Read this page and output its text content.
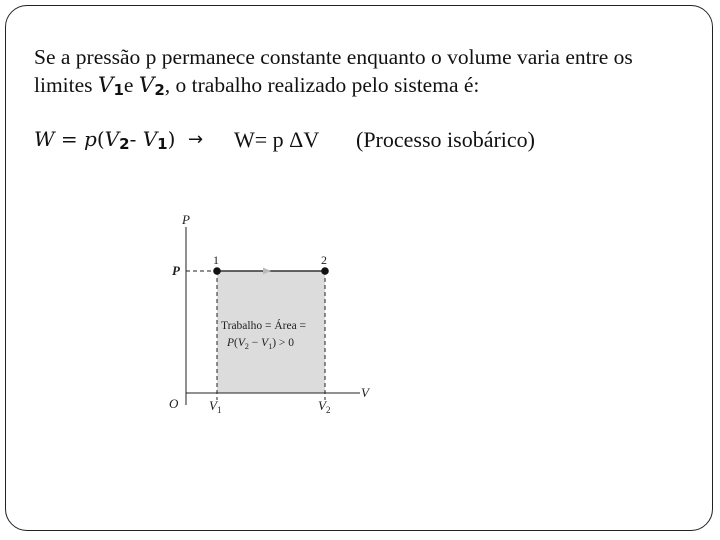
Se a pressão p permanece constante enquanto o volume varia entre os
limites V1e V2, o trabalho realizado pelo sistema é:
W = p(V2- V1) → W= p ΔV (Processo isobárico)
P
V
O
P
1	2
$V_1$	$V_2$
Trabalho = Área =
$P(V_2 - V_1) > 0$
